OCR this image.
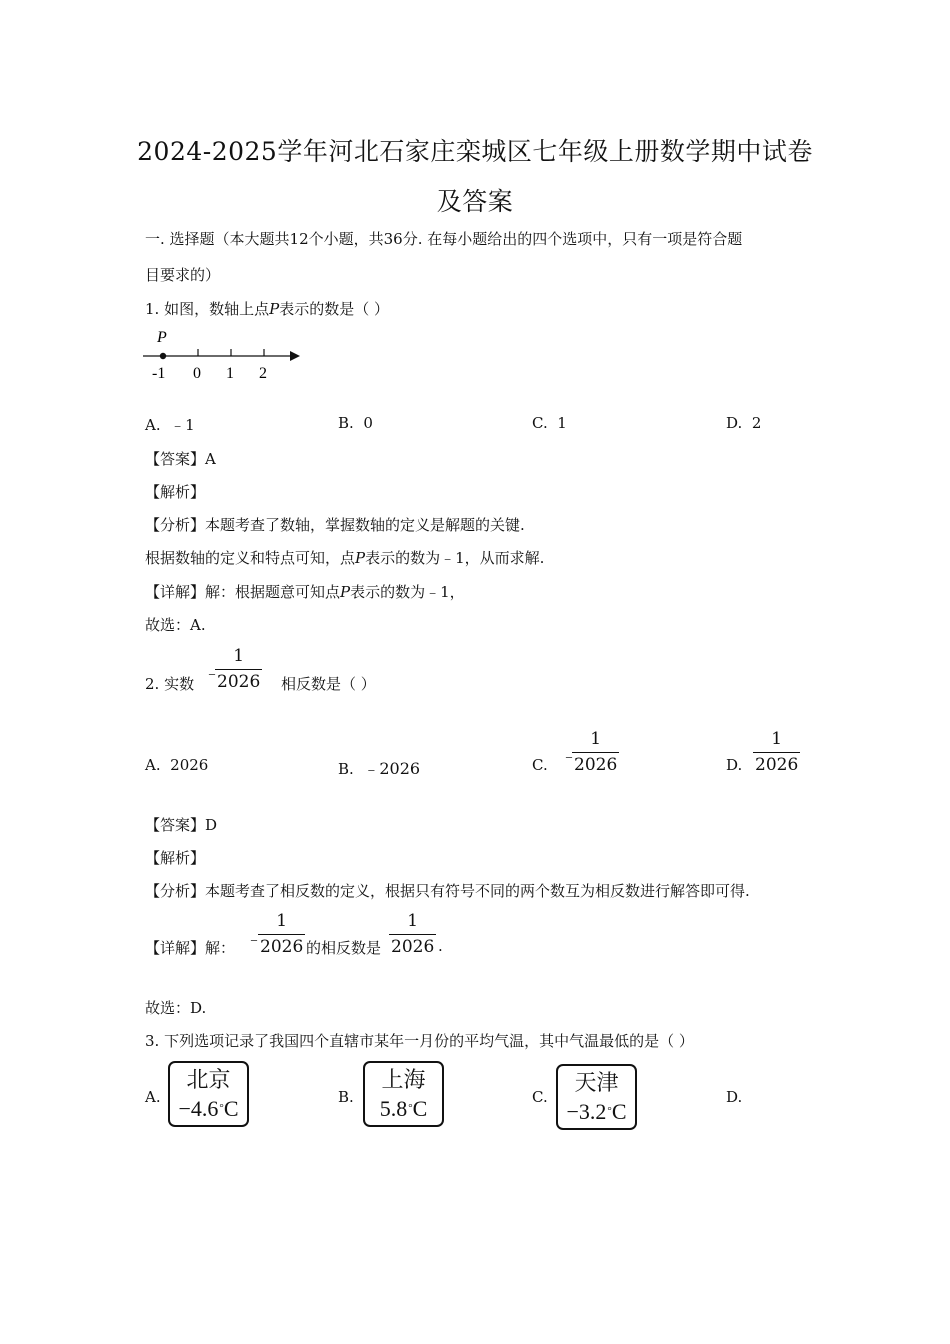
2024-2025学年河北石家庄栾城区七年级上册数学期中试卷
及答案
一. 选择题（本大题共12个小题，共36分. 在每小题给出的四个选项中，只有一项是符合题
目要求的）
1. 如图，数轴上点P表示的数是（ ）
P
-1 0 1 2
A. ﹣1	B. 0	C. 1	D. 2
【答案】A
【解析】
【分析】本题考查了数轴，掌握数轴的定义是解题的关键.
根据数轴的定义和特点可知，点P表示的数为﹣1，从而求解.
【详解】解：根据题意可知点P表示的数为﹣1，
故选：A.
2. 实数
﹣
$\frac{1}{2026}$ 相反数是（ ）
A. 2026	B. ﹣2026	C. ﹣
$\frac{1}{2026}$	D. $\frac{1}{2026}$
【答案】D
【解析】
【分析】本题考查了相反数的定义，根据只有符号不同的两个数互为相反数进行解答即可得.
【详解】解： ﹣
$\frac{1}{2026}$ 的相反数是 $\frac{1}{2026}$ .
故选：D.
3. 下列选项记录了我国四个直辖市某年一月份的平均气温，其中气温最低的是（ ）
A.
北京
−4.6°C	B.
上海
5.8°C	C.
天津
−3.2°C
D.
